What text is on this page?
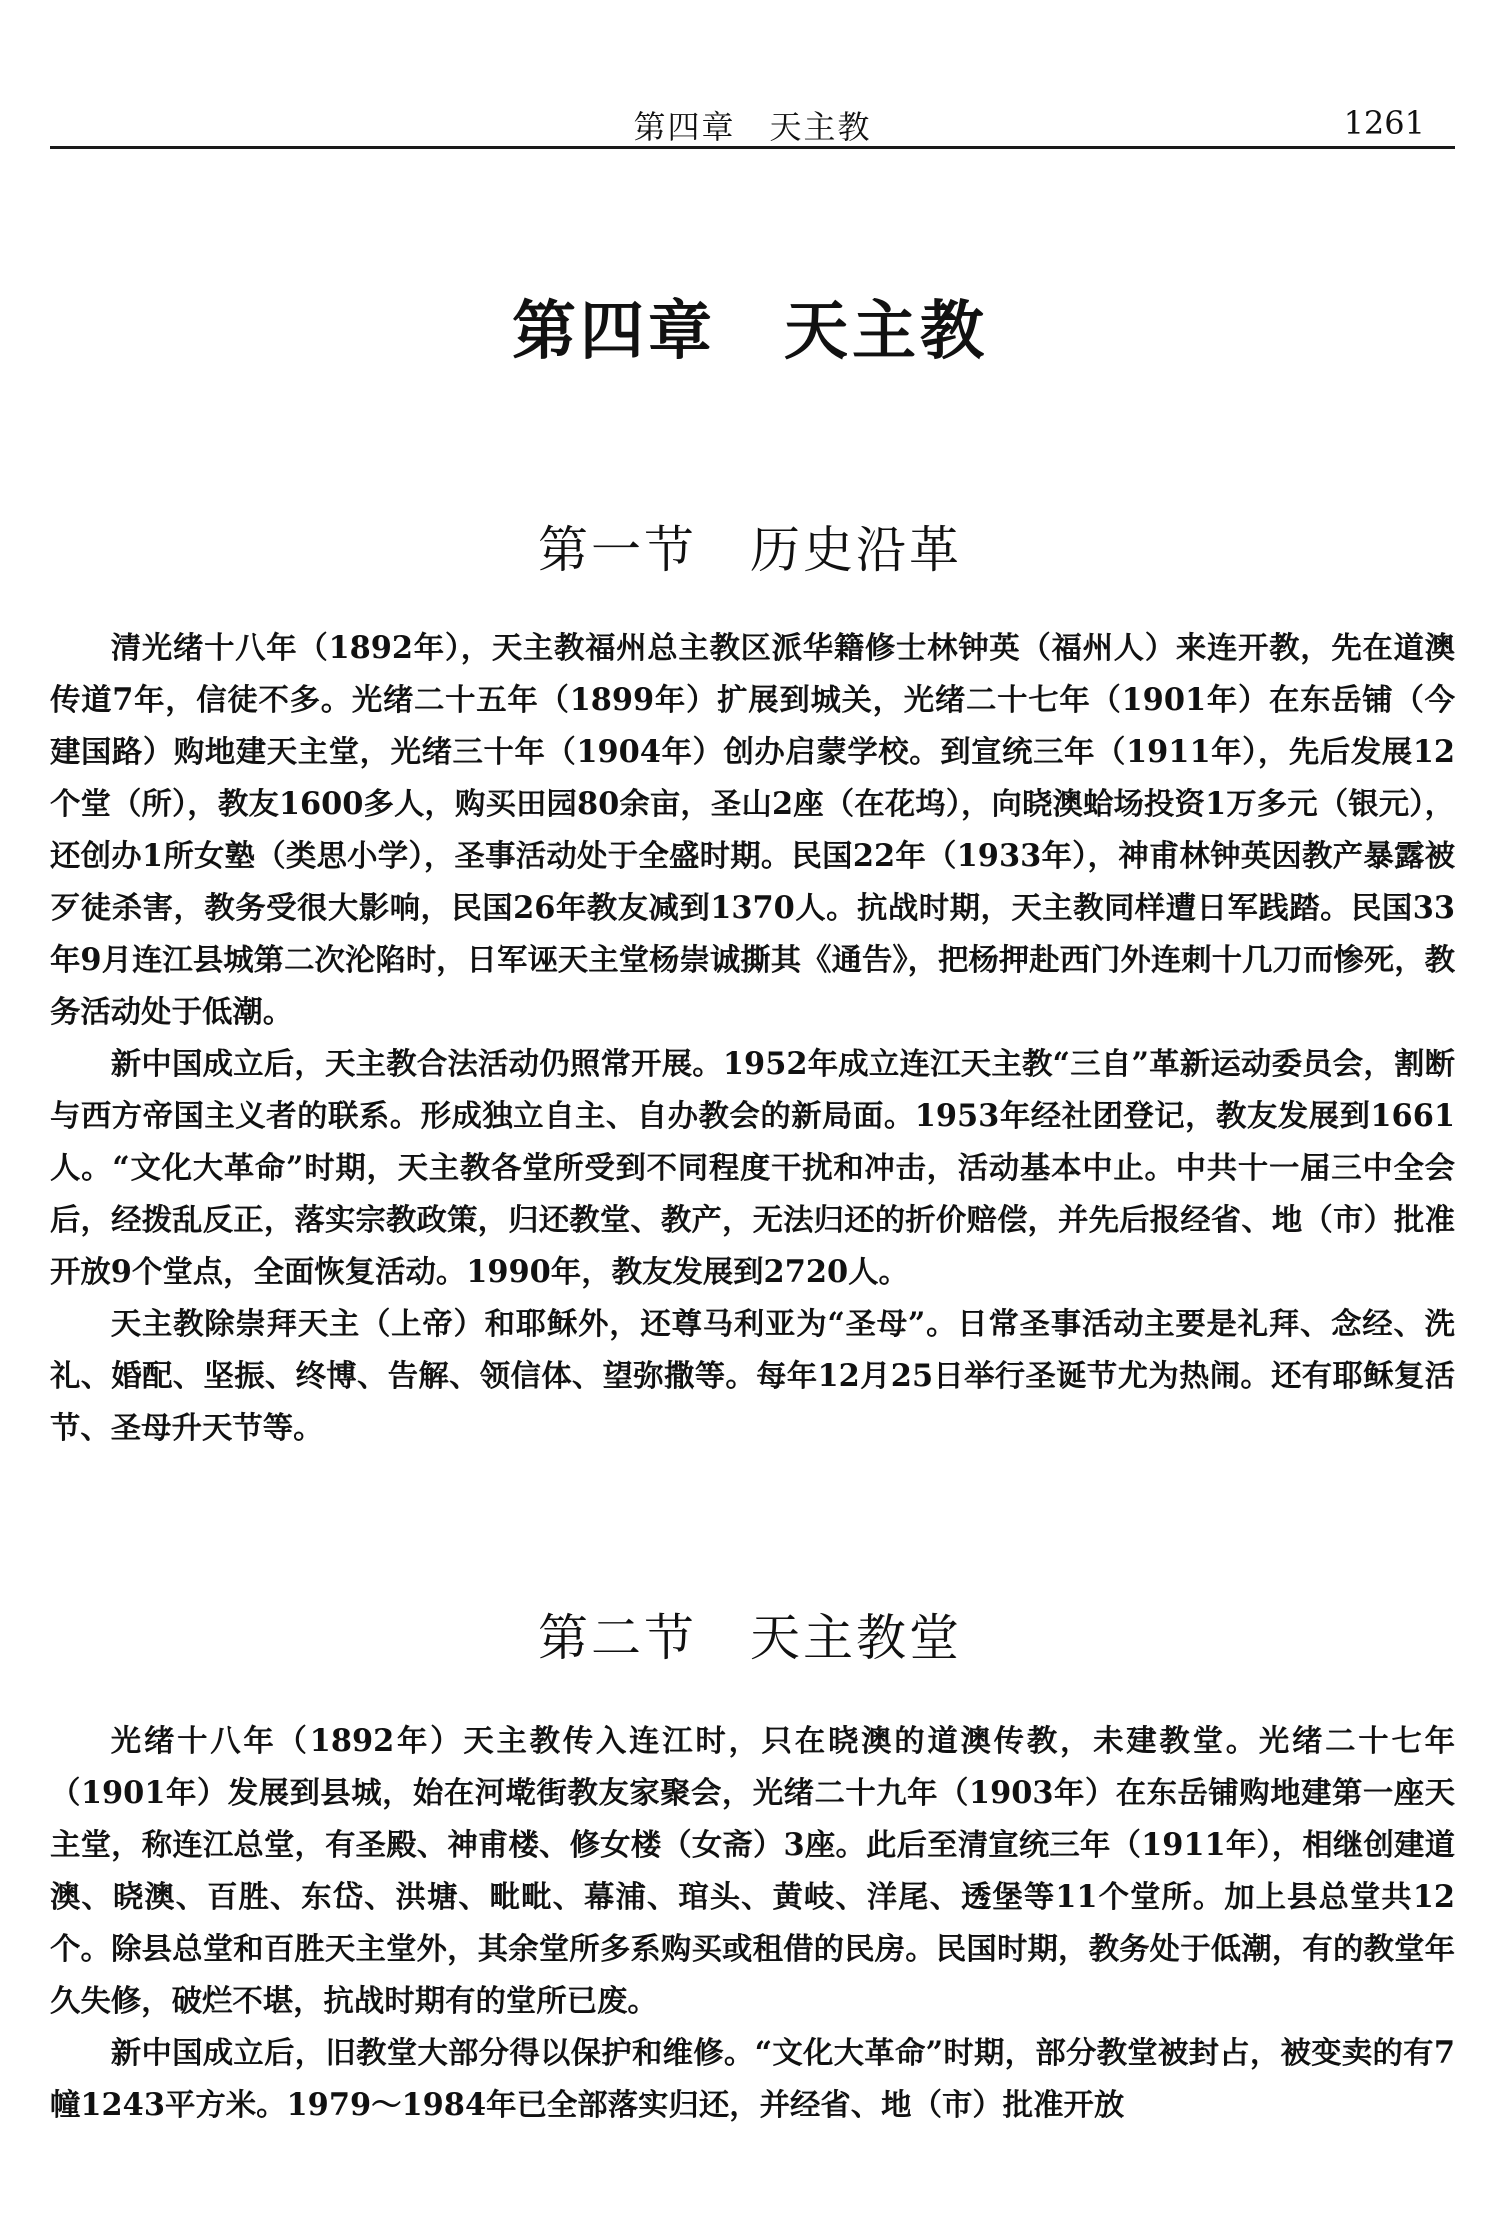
第四章　天主教	1261
第四章　天主教
第一节　历史沿革

清光绪十八年（1892年），天主教福州总主教区派华籍修士林钟英（福州人）来连开教，先在道澳传道7年，信徒不多。光绪二十五年（1899年）扩展到城关，光绪二十七年（1901年）在东岳铺（今建国路）购地建天主堂，光绪三十年（1904年）创办启蒙学校。到宣统三年（1911年），先后发展12个堂（所），教友1600多人，购买田园80余亩，圣山2座（在花坞），向晓澳蛤场投资1万多元（银元），还创办1所女塾（类思小学），圣事活动处于全盛时期。民国22年（1933年），神甫林钟英因教产暴露被歹徒杀害，教务受很大影响，民国26年教友减到1370人。抗战时期，天主教同样遭日军践踏。民国33年9月连江县城第二次沦陷时，日军诬天主堂杨崇诚撕其《通告》，把杨押赴西门外连刺十几刀而惨死，教务活动处于低潮。

新中国成立后，天主教合法活动仍照常开展。1952年成立连江天主教“三自”革新运动委员会，割断与西方帝国主义者的联系。形成独立自主、自办教会的新局面。1953年经社团登记，教友发展到1661人。“文化大革命”时期，天主教各堂所受到不同程度干扰和冲击，活动基本中止。中共十一届三中全会后，经拨乱反正，落实宗教政策，归还教堂、教产，无法归还的折价赔偿，并先后报经省、地（市）批准开放9个堂点，全面恢复活动。1990年，教友发展到2720人。

天主教除崇拜天主（上帝）和耶稣外，还尊马利亚为“圣母”。日常圣事活动主要是礼拜、念经、洗礼、婚配、坚振、终博、告解、领信体、望弥撒等。每年12月25日举行圣诞节尤为热闹。还有耶稣复活节、圣母升天节等。

第二节　天主教堂

光绪十八年（1892年）天主教传入连江时，只在晓澳的道澳传教，未建教堂。光绪二十七年（1901年）发展到县城，始在河墘街教友家聚会，光绪二十九年（1903年）在东岳铺购地建第一座天主堂，称连江总堂，有圣殿、神甫楼、修女楼（女斋）3座。此后至清宣统三年（1911年），相继创建道澳、晓澳、百胜、东岱、洪塘、毗毗、幕浦、琯头、黄岐、洋尾、透堡等11个堂所。加上县总堂共12个。除县总堂和百胜天主堂外，其余堂所多系购买或租借的民房。民国时期，教务处于低潮，有的教堂年久失修，破烂不堪，抗战时期有的堂所已废。

新中国成立后，旧教堂大部分得以保护和维修。“文化大革命”时期，部分教堂被封占，被变卖的有7幢1243平方米。1979～1984年已全部落实归还，并经省、地（市）批准开放
